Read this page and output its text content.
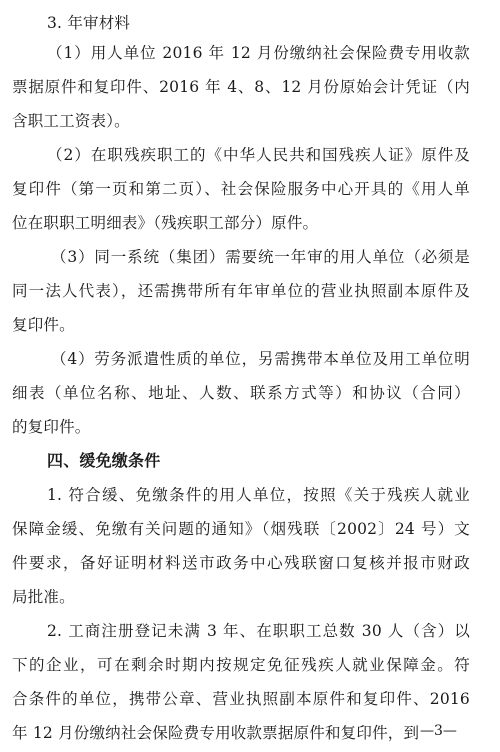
3. 年审材料
（1）用人单位 2016 年 12 月份缴纳社会保险费专用收款
票据原件和复印件、2016 年 4、8、12 月份原始会计凭证（内
含职工工资表）。
（2）在职残疾职工的《中华人民共和国残疾人证》原件及
复印件（第一页和第二页）、社会保险服务中心开具的《用人单
位在职职工明细表》（残疾职工部分）原件。
（3）同一系统（集团）需要统一年审的用人单位（必须是
同一法人代表），还需携带所有年审单位的营业执照副本原件及
复印件。
（4）劳务派遣性质的单位，另需携带本单位及用工单位明
细表（单位名称、地址、人数、联系方式等）和协议（合同）
的复印件。
四、缓免缴条件
1. 符合缓、免缴条件的用人单位，按照《关于残疾人就业
保障金缓、免缴有关问题的通知》（烟残联〔2002〕24 号）文
件要求，备好证明材料送市政务中心残联窗口复核并报市财政
局批准。
2. 工商注册登记未满 3 年、在职职工总数 30 人（含）以
下的企业，可在剩余时期内按规定免征残疾人就业保障金。符
合条件的单位，携带公章、营业执照副本原件和复印件、2016
年 12 月份缴纳社会保险费专用收款票据原件和复印件，到 —3—
